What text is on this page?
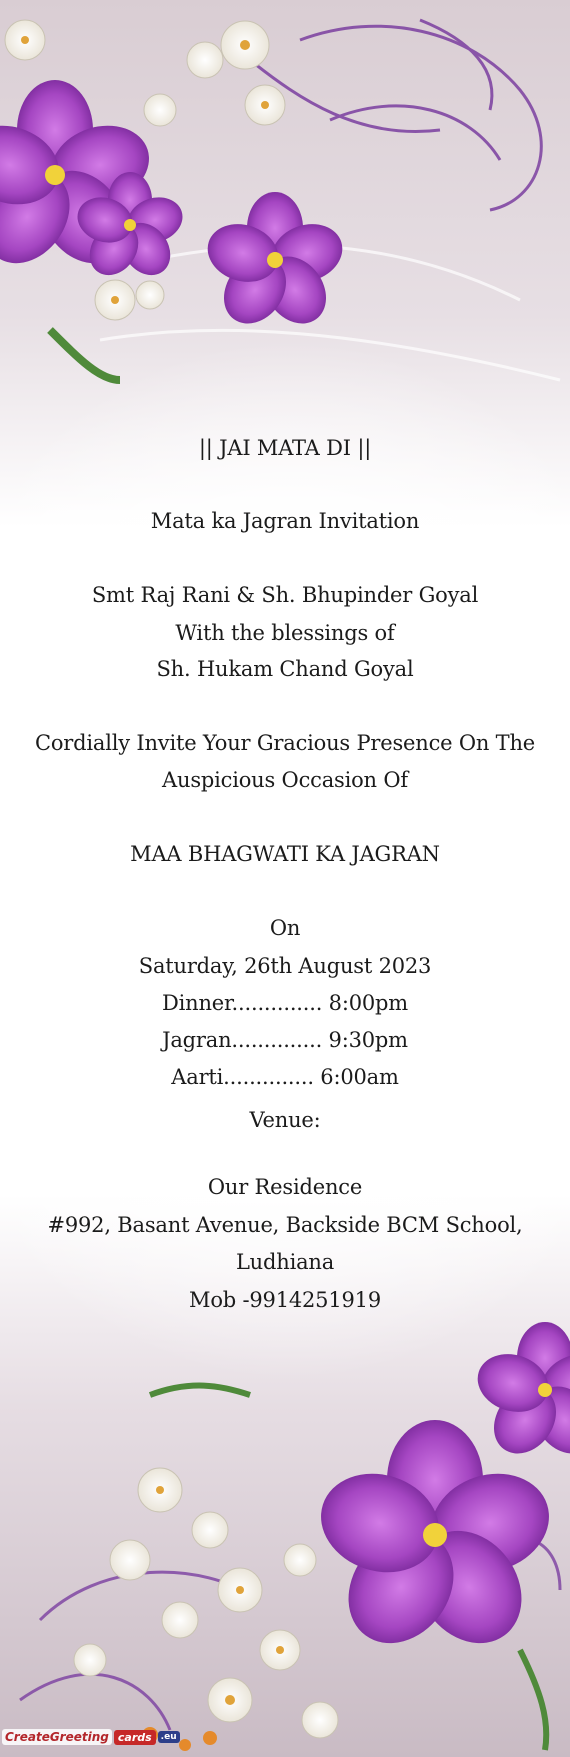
|| JAI MATA DI ||
Mata ka Jagran Invitation
Smt Raj Rani & Sh. Bhupinder Goyal
With the blessings of
Sh. Hukam Chand Goyal
Cordially Invite Your Gracious Presence On The
Auspicious Occasion Of
MAA BHAGWATI KA JAGRAN
On
Saturday, 26th August 2023
Dinner.............. 8:00pm
Jagran.............. 9:30pm
Aarti.............. 6:00am
Venue:
Our Residence
#992, Basant Avenue, Backside BCM School,
Ludhiana
Mob -9914251919
CreateGreeting cards	.eu
